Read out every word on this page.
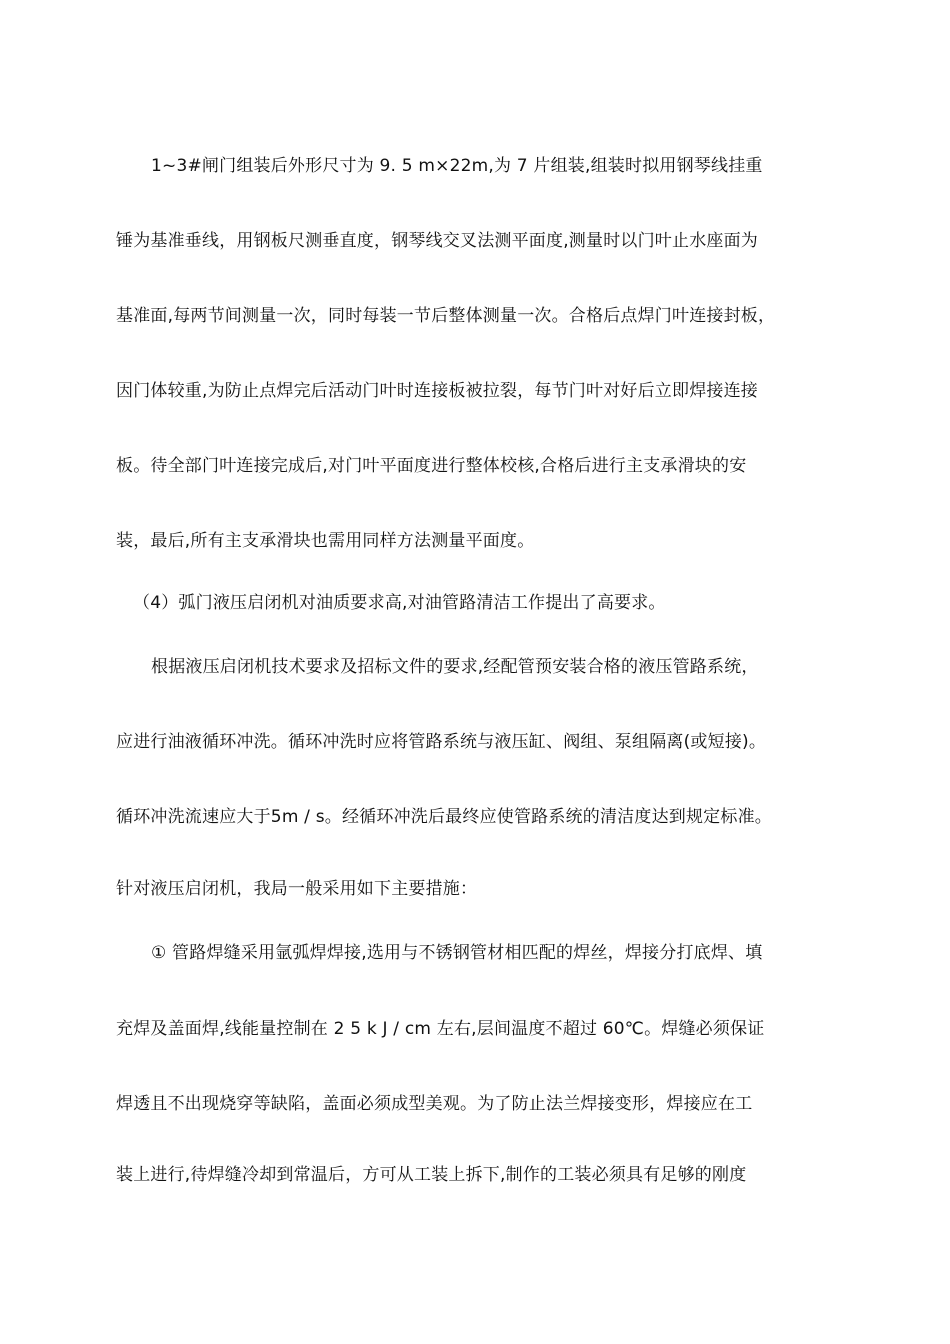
1~3#闸门组装后外形尺寸为 9. 5 m×22m,为 7 片组装,组装时拟用钢琴线挂重
锤为基准垂线，用钢板尺测垂直度，钢琴线交叉法测平面度,测量时以门叶止水座面为
基准面,每两节间测量一次，同时每装一节后整体测量一次。合格后点焊门叶连接封板，
因门体较重,为防止点焊完后活动门叶时连接板被拉裂，每节门叶对好后立即焊接连接
板。待全部门叶连接完成后,对门叶平面度进行整体校核,合格后进行主支承滑块的安
装，最后,所有主支承滑块也需用同样方法测量平面度。
（4）弧门液压启闭机对油质要求高,对油管路清洁工作提出了高要求。
根据液压启闭机技术要求及招标文件的要求,经配管预安装合格的液压管路系统，
应进行油液循环冲洗。循环冲洗时应将管路系统与液压缸、阀组、泵组隔离(或短接)。
循环冲洗流速应大于5m / s。经循环冲洗后最终应使管路系统的清洁度达到规定标准。
针对液压启闭机，我局一般采用如下主要措施：
① 管路焊缝采用氩弧焊焊接,选用与不锈钢管材相匹配的焊丝，焊接分打底焊、填
充焊及盖面焊,线能量控制在 2 5 k J / cm 左右,层间温度不超过 60℃。焊缝必须保证
焊透且不出现烧穿等缺陷，盖面必须成型美观。为了防止法兰焊接变形，焊接应在工
装上进行,待焊缝冷却到常温后，方可从工装上拆下,制作的工装必须具有足够的刚度
